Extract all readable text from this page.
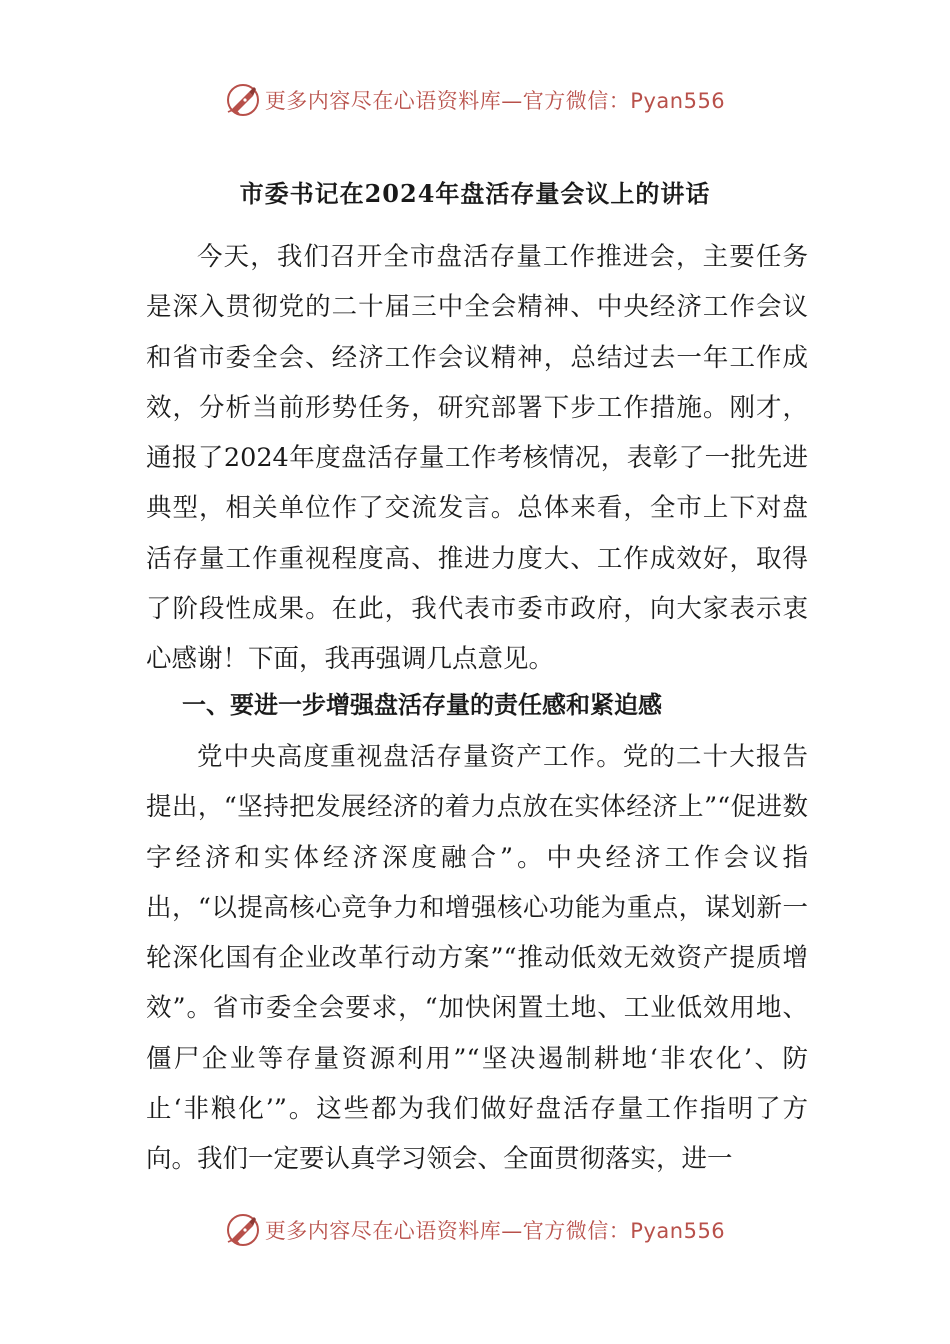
更多内容尽在心语资料库—官方微信：Pyan556
市委书记在2024年盘活存量会议上的讲话

今天，我们召开全市盘活存量工作推进会，主要任务是深入贯彻党的二十届三中全会精神、中央经济工作会议和省市委全会、经济工作会议精神，总结过去一年工作成效，分析当前形势任务，研究部署下步工作措施。刚才，通报了2024年度盘活存量工作考核情况，表彰了一批先进典型，相关单位作了交流发言。总体来看，全市上下对盘活存量工作重视程度高、推进力度大、工作成效好，取得了阶段性成果。在此，我代表市委市政府，向大家表示衷心感谢！下面，我再强调几点意见。

一、要进一步增强盘活存量的责任感和紧迫感

党中央高度重视盘活存量资产工作。党的二十大报告提出，“坚持把发展经济的着力点放在实体经济上”“促进数字经济和实体经济深度融合”。中央经济工作会议指出，“以提高核心竞争力和增强核心功能为重点，谋划新一轮深化国有企业改革行动方案”“推动低效无效资产提质增效”。省市委全会要求，“加快闲置土地、工业低效用地、僵尸企业等存量资源利用”“坚决遏制耕地‘非农化’、防止‘非粮化’”。这些都为我们做好盘活存量工作指明了方向。我们一定要认真学习领会、全面贯彻落实，进一

更多内容尽在心语资料库—官方微信：Pyan556
